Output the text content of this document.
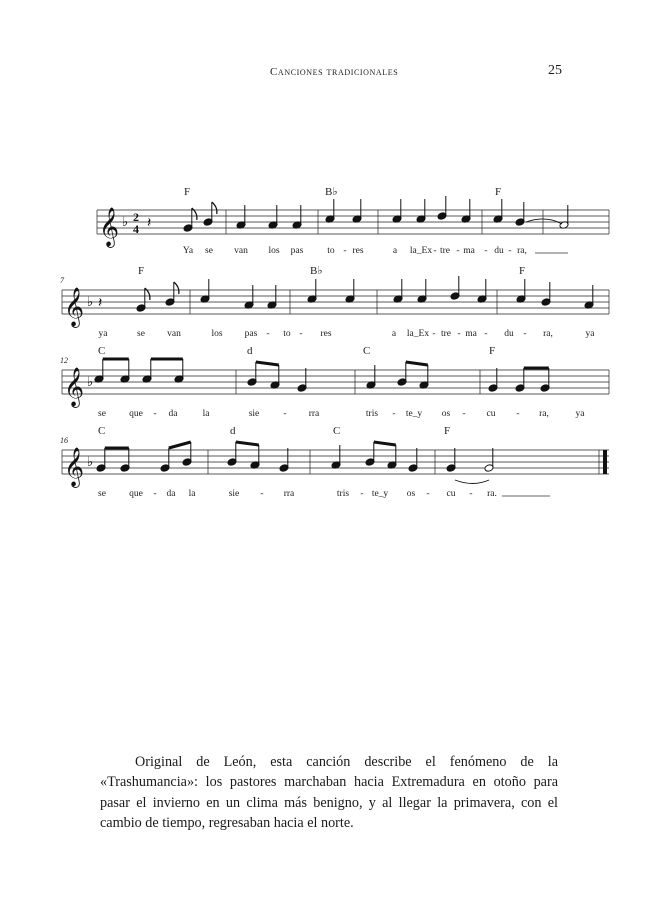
Canciones tradicionales	25
𝄞
𝄞
𝄞
𝄞
♭
♭
♭
♭
2
4 𝄽
𝄽
7
12
16
F	B♭	F
F	B♭	F
C	d	C	F
C	d	C	F
Ya se van los pas	to - res	a la_Ex - tre - ma - du - ra,
ya	se van	los pas - to - res	a la_Ex - tre - ma - du - ra,	ya
se que - da	la	sie	- rra	tris - te_y os - cu - ra,	ya
se que - da la	sie - rra	tris - te_y os - cu - ra.

Original de León, esta canción describe el fenómeno de la «Trashumancia»: los pastores marchaban hacia Extremadura en otoño para pasar el invierno en un clima más benigno, y al llegar la primavera, con el cambio de tiempo, regresaban hacia el norte.
